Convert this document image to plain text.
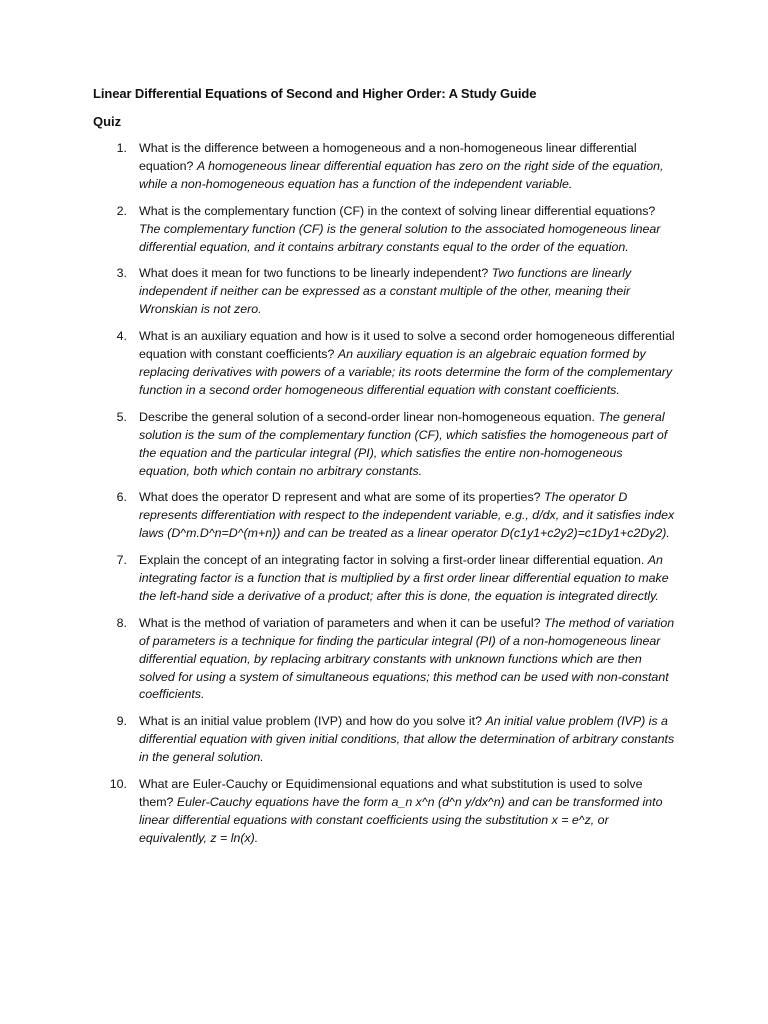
Linear Differential Equations of Second and Higher Order: A Study Guide
Quiz
1. What is the difference between a homogeneous and a non-homogeneous linear differential equation? A homogeneous linear differential equation has zero on the right side of the equation, while a non-homogeneous equation has a function of the independent variable.
2. What is the complementary function (CF) in the context of solving linear differential equations? The complementary function (CF) is the general solution to the associated homogeneous linear differential equation, and it contains arbitrary constants equal to the order of the equation.
3. What does it mean for two functions to be linearly independent? Two functions are linearly independent if neither can be expressed as a constant multiple of the other, meaning their Wronskian is not zero.
4. What is an auxiliary equation and how is it used to solve a second order homogeneous differential equation with constant coefficients? An auxiliary equation is an algebraic equation formed by replacing derivatives with powers of a variable; its roots determine the form of the complementary function in a second order homogeneous differential equation with constant coefficients.
5. Describe the general solution of a second-order linear non-homogeneous equation. The general solution is the sum of the complementary function (CF), which satisfies the homogeneous part of the equation and the particular integral (PI), which satisfies the entire non-homogeneous equation, both which contain no arbitrary constants.
6. What does the operator D represent and what are some of its properties? The operator D represents differentiation with respect to the independent variable, e.g., d/dx, and it satisfies index laws (D^m.D^n=D^(m+n)) and can be treated as a linear operator D(c1y1+c2y2)=c1Dy1+c2Dy2).
7. Explain the concept of an integrating factor in solving a first-order linear differential equation. An integrating factor is a function that is multiplied by a first order linear differential equation to make the left-hand side a derivative of a product; after this is done, the equation is integrated directly.
8. What is the method of variation of parameters and when it can be useful? The method of variation of parameters is a technique for finding the particular integral (PI) of a non-homogeneous linear differential equation, by replacing arbitrary constants with unknown functions which are then solved for using a system of simultaneous equations; this method can be used with non-constant coefficients.
9. What is an initial value problem (IVP) and how do you solve it? An initial value problem (IVP) is a differential equation with given initial conditions, that allow the determination of arbitrary constants in the general solution.
10. What are Euler-Cauchy or Equidimensional equations and what substitution is used to solve them? Euler-Cauchy equations have the form a_n x^n (d^n y/dx^n) and can be transformed into linear differential equations with constant coefficients using the substitution x = e^z, or equivalently, z = ln(x).
